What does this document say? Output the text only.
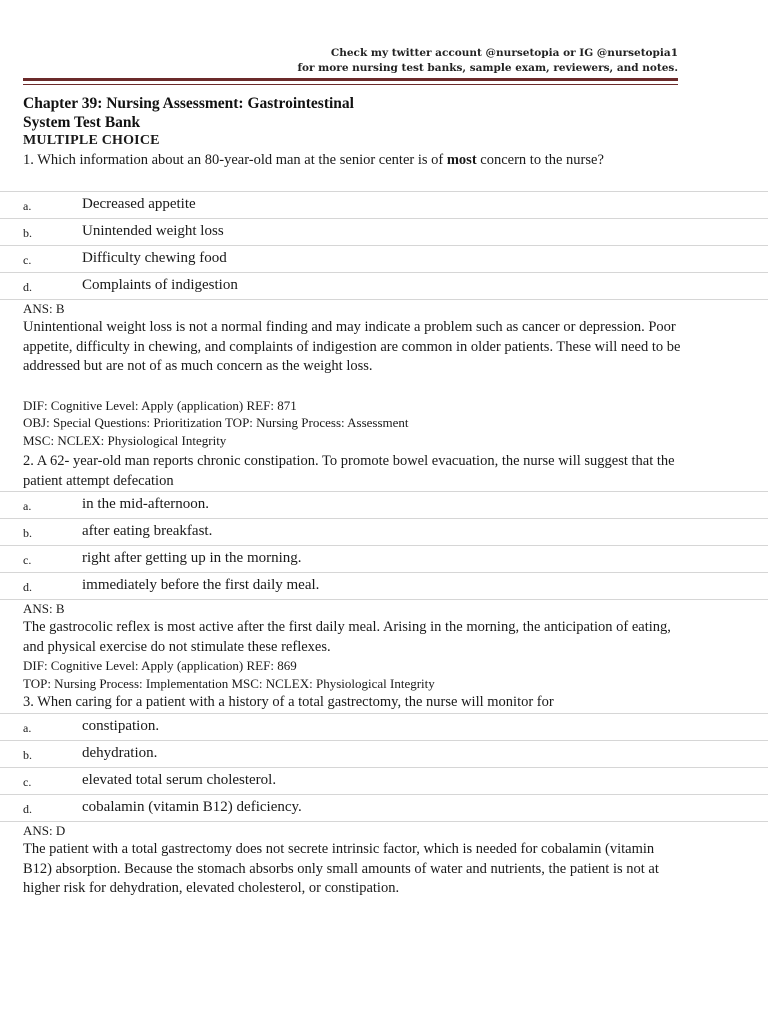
Check my twitter account @nursetopia or IG @nursetopia1
for more nursing test banks, sample exam, reviewers, and notes.
Chapter 39: Nursing Assessment: Gastrointestinal
System Test Bank
MULTIPLE CHOICE
1. Which information about an 80-year-old man at the senior center is of most concern to the nurse?
a.	Decreased appetite
b.	Unintended weight loss
c.	Difficulty chewing food
d.	Complaints of indigestion
ANS: B
Unintentional weight loss is not a normal finding and may indicate a problem such as cancer or depression. Poor appetite, difficulty in chewing, and complaints of indigestion are common in older patients. These will need to be addressed but are not of as much concern as the weight loss.
DIF: Cognitive Level: Apply (application) REF: 871
OBJ: Special Questions: Prioritization TOP: Nursing Process: Assessment
MSC: NCLEX: Physiological Integrity
2. A 62- year-old man reports chronic constipation. To promote bowel evacuation, the nurse will suggest that the patient attempt defecation
a.	in the mid-afternoon.
b.	after eating breakfast.
c.	right after getting up in the morning.
d.	immediately before the first daily meal.
ANS: B
The gastrocolic reflex is most active after the first daily meal. Arising in the morning, the anticipation of eating, and physical exercise do not stimulate these reflexes.
DIF: Cognitive Level: Apply (application) REF: 869
TOP: Nursing Process: Implementation MSC: NCLEX: Physiological Integrity
3. When caring for a patient with a history of a total gastrectomy, the nurse will monitor for
a.	constipation.
b.	dehydration.
c.	elevated total serum cholesterol.
d.	cobalamin (vitamin B12) deficiency.
ANS: D
The patient with a total gastrectomy does not secrete intrinsic factor, which is needed for cobalamin (vitamin B12) absorption. Because the stomach absorbs only small amounts of water and nutrients, the patient is not at higher risk for dehydration, elevated cholesterol, or constipation.
